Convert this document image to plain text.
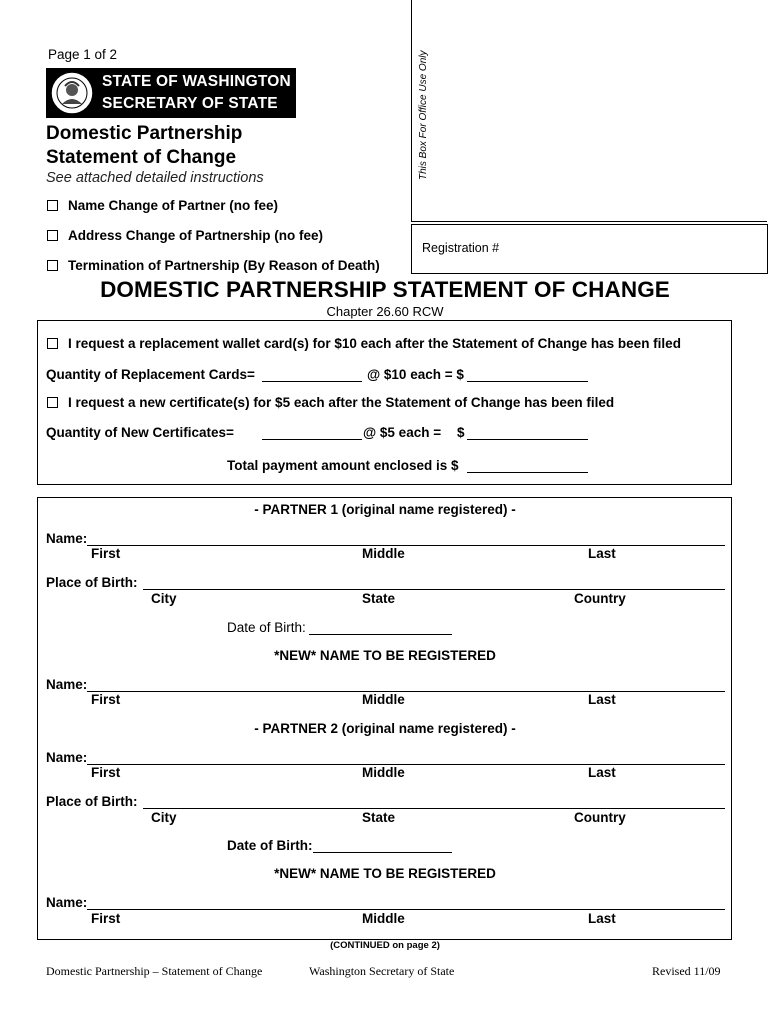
Page 1 of 2
STATE OF WASHINGTON
SECRETARY OF STATE
Domestic Partnership
Statement of Change
See attached detailed instructions	This Box For Office Use Only
Registration #
Name Change of Partner (no fee)
Address Change of Partnership (no fee)
Termination of Partnership (By Reason of Death)
DOMESTIC PARTNERSHIP STATEMENT OF CHANGE
Chapter 26.60 RCW
I request a replacement wallet card(s) for $10 each after the Statement of Change has been filed
Quantity of Replacement Cards=	@ $10 each = $
I request a new certificate(s) for $5 each after the Statement of Change has been filed
Quantity of New Certificates=	@ $5 each = $
Total payment amount enclosed is $
- PARTNER 1 (original name registered) -
Name:
First	Middle	Last
Place of Birth:
City	State	Country
Date of Birth:
*NEW* NAME TO BE REGISTERED
Name:
First	Middle	Last
- PARTNER 2 (original name registered) -
Name:
First	Middle	Last
Place of Birth:
City	State	Country
Date of Birth:
*NEW* NAME TO BE REGISTERED
Name:
First	Middle	Last
(CONTINUED on page 2)
Domestic Partnership – Statement of Change	Washington Secretary of State	Revised 11/09
